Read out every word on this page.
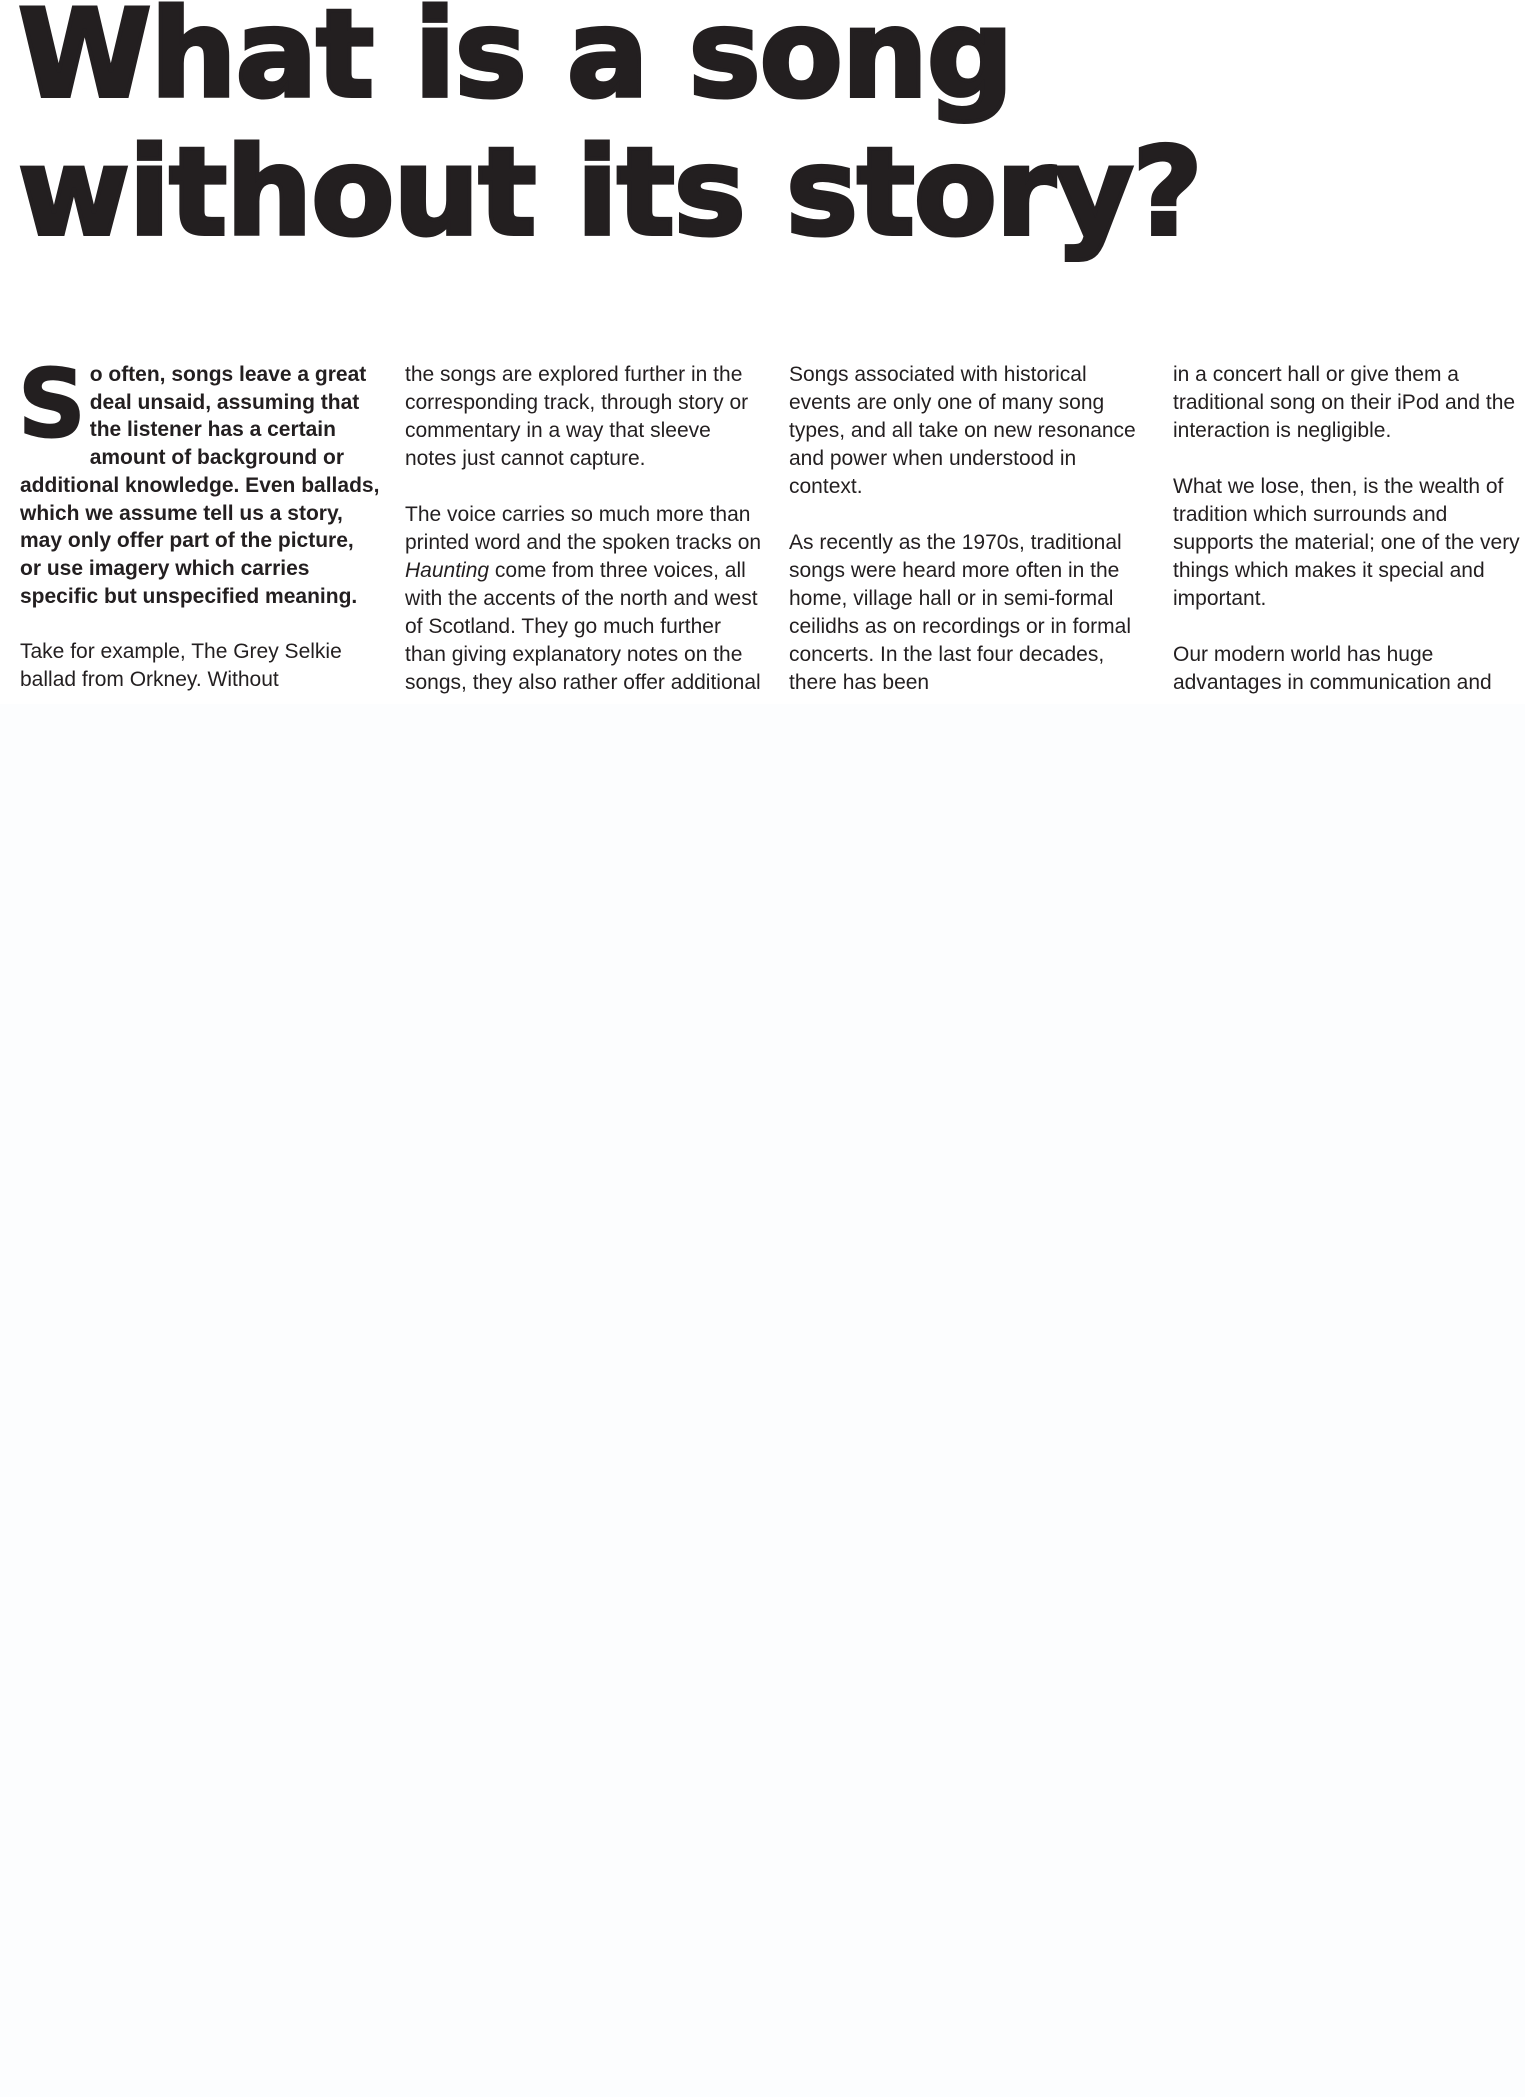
What is a song
without its story?

So often, songs leave a great deal unsaid, assuming that the listener has a certain amount of background or additional knowledge. Even ballads, which we assume tell us a story, may only offer part of the picture, or use imagery which carries specific but unspecified meaning.

Take for example, The Grey Selkie ballad from Orkney. Without

the songs are explored further in the corresponding track, through story or commentary in a way that sleeve notes just cannot capture.

The voice carries so much more than printed word and the spoken tracks on Haunting come from three voices, all with the accents of the north and west of Scotland. They go much further than giving explanatory notes on the songs, they also rather offer additional

Songs associated with historical events are only one of many song types, and all take on new resonance and power when understood in context.

As recently as the 1970s, traditional songs were heard more often in the home, village hall or in semi-formal ceilidhs as on recordings or in formal concerts. In the last four decades, there has been

in a concert hall or give them a traditional song on their iPod and the interaction is negligible.

What we lose, then, is the wealth of tradition which surrounds and supports the material; one of the very things which makes it special and important.

Our modern world has huge advantages in communication and
